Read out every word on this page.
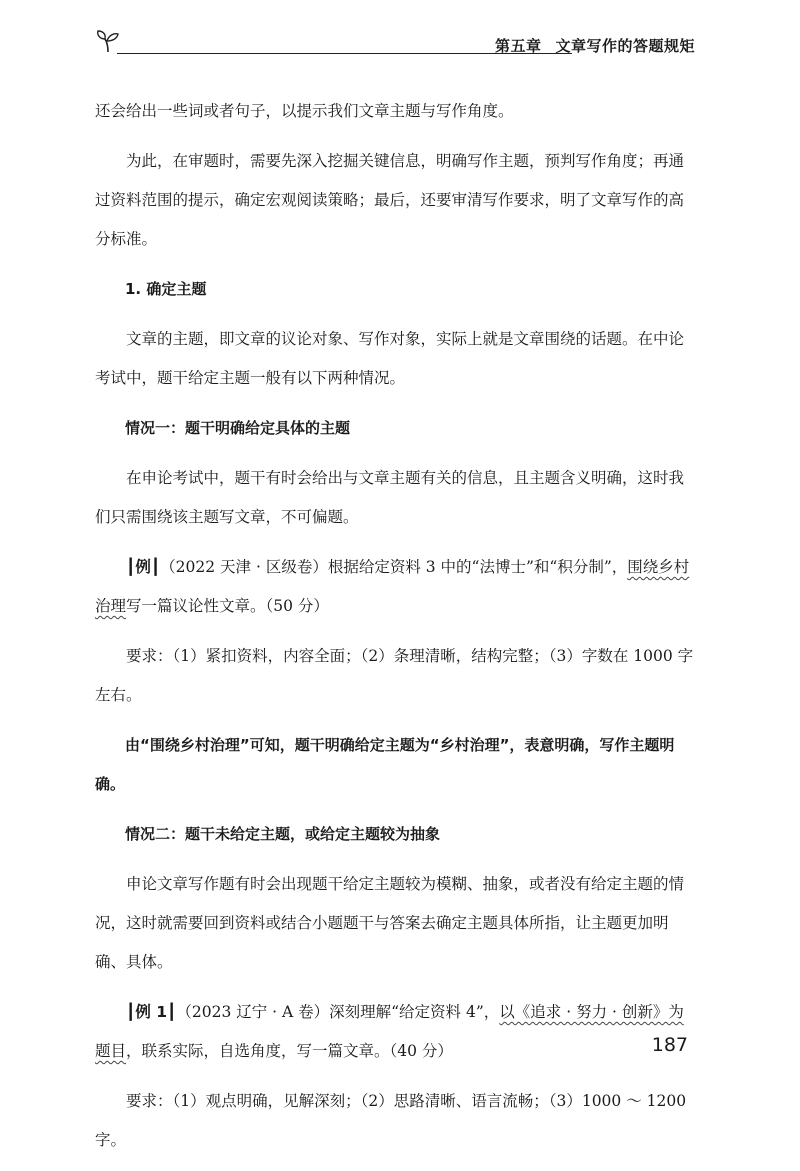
第五章 文章写作的答题规矩

还会给出一些词或者句子，以提示我们文章主题与写作角度。

为此，在审题时，需要先深入挖掘关键信息，明确写作主题，预判写作角度；再通过资料范围的提示，确定宏观阅读策略；最后，还要审清写作要求，明了文章写作的高分标准。

1. 确定主题

文章的主题，即文章的议论对象、写作对象，实际上就是文章围绕的话题。在中论考试中，题干给定主题一般有以下两种情况。

情况一：题干明确给定具体的主题

在申论考试中，题干有时会给出与文章主题有关的信息，且主题含义明确，这时我们只需围绕该主题写文章，不可偏题。

┃例┃（2022 天津 · 区级卷）根据给定资料 3 中的“法博士”和“积分制”，围绕乡村治理写一篇议论性文章。（50 分）

要求：（1）紧扣资料，内容全面；（2）条理清晰，结构完整；（3）字数在 1000 字左右。

由“围绕乡村治理”可知，题干明确给定主题为“乡村治理”，表意明确，写作主题明确。

情况二：题干未给定主题，或给定主题较为抽象

申论文章写作题有时会出现题干给定主题较为模糊、抽象，或者没有给定主题的情况，这时就需要回到资料或结合小题题干与答案去确定主题具体所指，让主题更加明确、具体。

┃例 1┃（2023 辽宁 · A 卷）深刻理解“给定资料 4”，以《追求 · 努力 · 创新》为题目，联系实际，自选角度，写一篇文章。（40 分）

要求：（1）观点明确，见解深刻；（2）思路清晰、语言流畅；（3）1000 ～ 1200 字。

187
